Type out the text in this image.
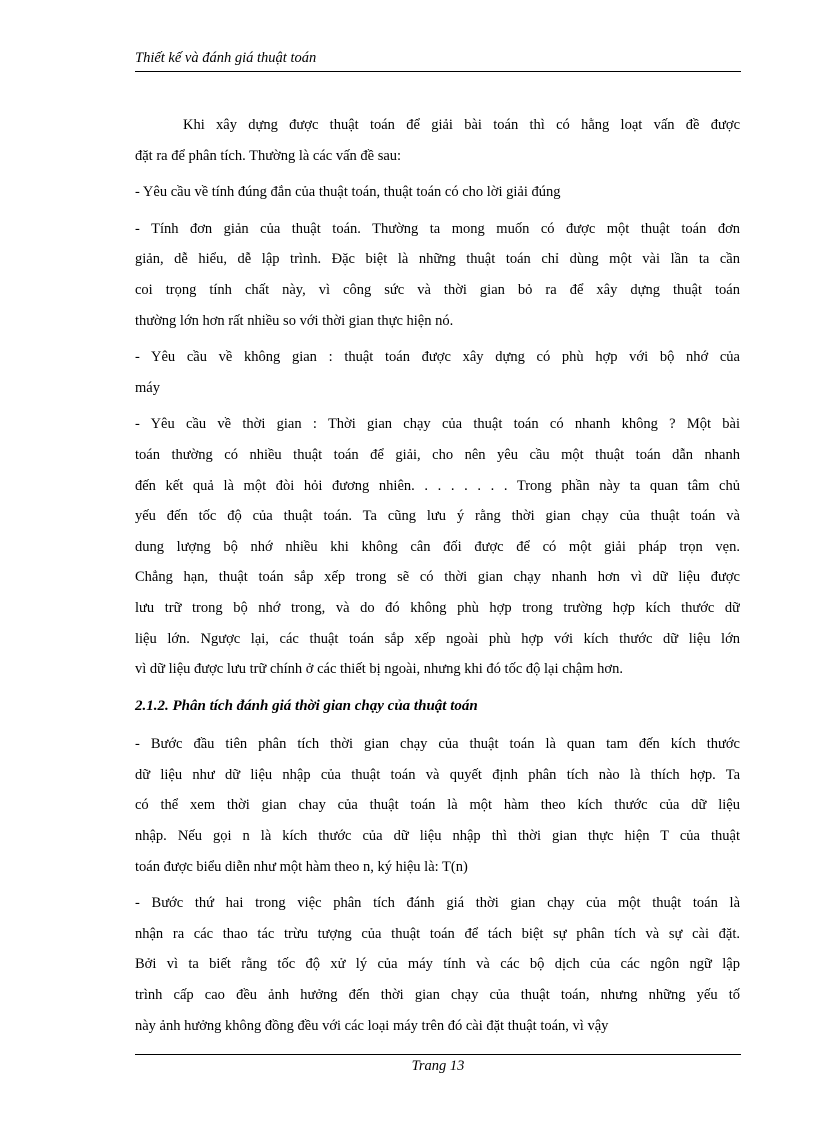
Thiết kế và đánh giá thuật toán

Khi xây dựng được thuật toán để giải bài toán thì có hằng loạt vấn đề được
đặt ra để phân tích. Thường là các vấn đề sau:

- Yêu cầu về tính đúng đắn của thuật toán, thuật toán có cho lời giải đúng

- Tính đơn giản của thuật toán. Thường ta mong muốn có được một thuật toán đơn
giản, dễ hiểu, dễ lập trình. Đặc biệt là những thuật toán chỉ dùng một vài lần ta cần
coi trọng tính chất này, vì công sức và thời gian bỏ ra để xây dựng thuật toán
thường lớn hơn rất nhiều so với thời gian thực hiện nó.

- Yêu cầu về không gian : thuật toán được xây dựng có phù hợp với bộ nhớ của
máy

- Yêu cầu về thời gian : Thời gian chạy của thuật toán có nhanh không ? Một bài
toán thường có nhiều thuật toán để giải, cho nên yêu cầu một thuật toán dẫn nhanh
đến kết quả là một đòi hỏi đương nhiên. . . . . . . . Trong phần này ta quan tâm chủ
yếu đến tốc độ của thuật toán. Ta cũng lưu ý rằng thời gian chạy của thuật toán và
dung lượng bộ nhớ nhiều khi không cân đối được để có một giải pháp trọn vẹn.
Chẳng hạn, thuật toán sắp xếp trong sẽ có thời gian chạy nhanh hơn vì dữ liệu được
lưu trữ trong bộ nhớ trong, và do đó không phù hợp trong trường hợp kích thước dữ
liệu lớn. Ngược lại, các thuật toán sắp xếp ngoài phù hợp với kích thước dữ liệu lớn
vì dữ liệu được lưu trữ chính ở các thiết bị ngoài, nhưng khi đó tốc độ lại chậm hơn.

2.1.2. Phân tích đánh giá thời gian chạy của thuật toán

- Bước đầu tiên phân tích thời gian chạy của thuật toán là quan tam đến kích thước
dữ liệu như dữ liệu nhập của thuật toán và quyết định phân tích nào là thích hợp. Ta
có thể xem thời gian chay của thuật toán là một hàm theo kích thước của dữ liệu
nhập. Nếu gọi n là kích thước của dữ liệu nhập thì thời gian thực hiện T của thuật
toán được biểu diễn như một hàm theo n, ký hiệu là: T(n)

- Bước thứ hai trong việc phân tích đánh giá thời gian chạy của một thuật toán là
nhận ra các thao tác trừu tượng của thuật toán để tách biệt sự phân tích và sự cài đặt.
Bởi vì ta biết rằng tốc độ xử lý của máy tính và các bộ dịch của các ngôn ngữ lập
trình cấp cao đều ảnh hưởng đến thời gian chạy của thuật toán, nhưng những yếu tố
này ảnh hưởng không đồng đều với các loại máy trên đó cài đặt thuật toán, vì vậy

Trang 13
